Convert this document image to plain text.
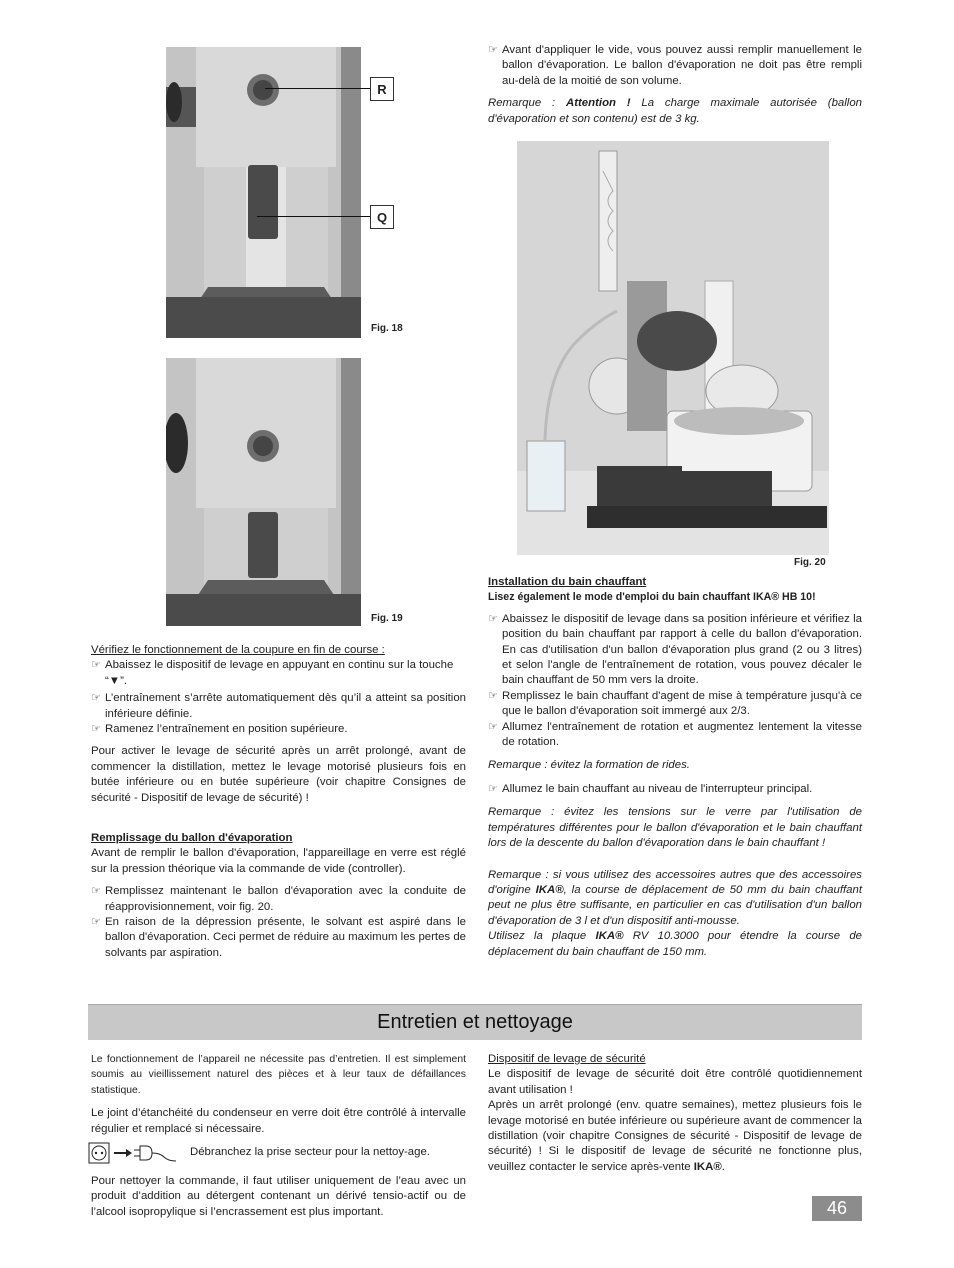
R
Q
Fig. 18
Fig. 19

Vérifiez le fonctionnement de la coupure en fin de course :

☞ Abaissez le dispositif de levage en appuyant en continu sur la touche “▼”.
☞ L’entraînement s’arrête automatiquement dès qu’il a atteint sa position inférieure définie.
☞ Ramenez l’entraînement en position supérieure.

Pour activer le levage de sécurité après un arrêt prolongé, avant de commencer la distillation, mettez le levage motorisé plusieurs fois en butée inférieure ou en butée supérieure (voir chapitre Consignes de sécurité - Dispositif de levage de sécurité) !

Remplissage du ballon d'évaporation

Avant de remplir le ballon d'évaporation, l'appareillage en verre est réglé sur la pression théorique via la commande de vide (controller).

☞ Remplissez maintenant le ballon d'évaporation avec la conduite de réapprovisionnement, voir fig. 20.
☞ En raison de la dépression présente, le solvant est aspiré dans le ballon d'évaporation. Ceci permet de réduire au maximum les pertes de solvants par aspiration.
☞ Avant d'appliquer le vide, vous pouvez aussi remplir manuellement le ballon d'évaporation. Le ballon d'évaporation ne doit pas être rempli au-delà de la moitié de son volume.

Remarque : Attention ! La charge maximale autorisée (ballon d'évaporation et son contenu) est de 3 kg.

Fig. 20

Installation du bain chauffant

Lisez également le mode d'emploi du bain chauffant IKA® HB 10!

☞ Abaissez le dispositif de levage dans sa position inférieure et vérifiez la position du bain chauffant par rapport à celle du ballon d'évaporation. En cas d'utilisation d'un ballon d'évaporation plus grand (2 ou 3 litres) et selon l'angle de l'entraînement de rotation, vous pouvez décaler le bain chauffant de 50 mm vers la droite.
☞ Remplissez le bain chauffant d'agent de mise à température jusqu'à ce que le ballon d'évaporation soit immergé aux 2/3.
☞ Allumez l'entraînement de rotation et augmentez lentement la vitesse de rotation.

Remarque : évitez la formation de rides.

☞ Allumez le bain chauffant au niveau de l'interrupteur principal.

Remarque : évitez les tensions sur le verre par l'utilisation de températures différentes pour le ballon d'évaporation et le bain chauffant lors de la descente du ballon d'évaporation dans le bain chauffant !

Remarque : si vous utilisez des accessoires autres que des accessoires d'origine IKA®, la course de déplacement de 50 mm du bain chauffant peut ne plus être suffisante, en particulier en cas d'utilisation d'un ballon d'évaporation de 3 l et d'un dispositif anti-mousse.

Utilisez la plaque IKA® RV 10.3000 pour étendre la course de déplacement du bain chauffant de 150 mm.

Entretien et nettoyage

Le fonctionnement de l’appareil ne nécessite pas d’entretien. Il est simplement soumis au vieillissement naturel des pièces et à leur taux de défaillances statistique.

Le joint d’étanchéité du condenseur en verre doit être contrôlé à intervalle régulier et remplacé si nécessaire.

Débranchez la prise secteur pour la nettoy-age.

Pour nettoyer la commande, il faut utiliser uniquement de l’eau avec un produit d’addition au détergent contenant un dérivé tensio-actif ou de l’alcool isopropylique si l’encrassement est plus important.

Dispositif de levage de sécurité

Le dispositif de levage de sécurité doit être contrôlé quotidiennement avant utilisation !

Après un arrêt prolongé (env. quatre semaines), mettez plusieurs fois le levage motorisé en butée inférieure ou supérieure avant de commencer la distillation (voir chapitre Consignes de sécurité - Dispositif de levage de sécurité) ! Si le dispositif de levage de sécurité ne fonctionne plus, veuillez contacter le service après-vente IKA®.

46
